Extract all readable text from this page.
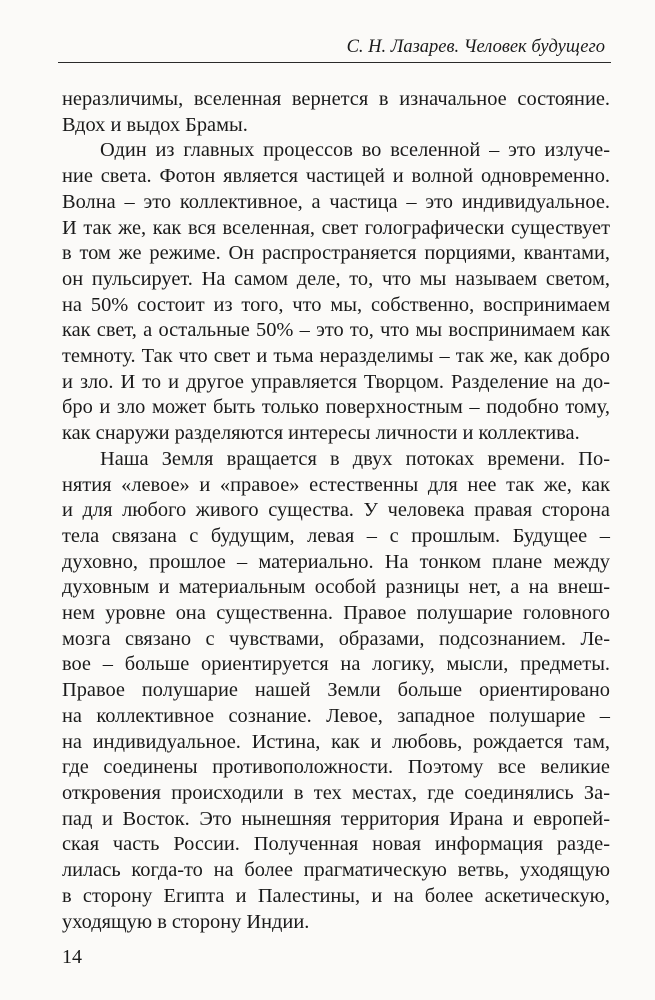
С. Н. Лазарев. Человек будущего
неразличимы, вселенная вернется в изначальное состояние.
Вдох и выдох Брамы.
Один из главных процессов во вселенной – это излуче-
ние света. Фотон является частицей и волной одновременно.
Волна – это коллективное, а частица – это индивидуальное.
И так же, как вся вселенная, свет голографически существует
в том же режиме. Он распространяется порциями, квантами,
он пульсирует. На самом деле, то, что мы называем светом,
на 50% состоит из того, что мы, собственно, воспринимаем
как свет, а остальные 50% – это то, что мы воспринимаем как
темноту. Так что свет и тьма неразделимы – так же, как добро
и зло. И то и другое управляется Творцом. Разделение на до-
бро и зло может быть только поверхностным – подобно тому,
как снаружи разделяются интересы личности и коллектива.
Наша Земля вращается в двух потоках времени. По-
нятия «левое» и «правое» естественны для нее так же, как
и для любого живого существа. У человека правая сторона
тела связана с будущим, левая – с прошлым. Будущее –
духовно, прошлое – материально. На тонком плане между
духовным и материальным особой разницы нет, а на внеш-
нем уровне она существенна. Правое полушарие головного
мозга связано с чувствами, образами, подсознанием. Ле-
вое – больше ориентируется на логику, мысли, предметы.
Правое полушарие нашей Земли больше ориентировано
на коллективное сознание. Левое, западное полушарие –
на индивидуальное. Истина, как и любовь, рождается там,
где соединены противоположности. Поэтому все великие
откровения происходили в тех местах, где соединялись За-
пад и Восток. Это нынешняя территория Ирана и европей-
ская часть России. Полученная новая информация разде-
лилась когда-то на более прагматическую ветвь, уходящую
в сторону Египта и Палестины, и на более аскетическую,
уходящую в сторону Индии.
14
